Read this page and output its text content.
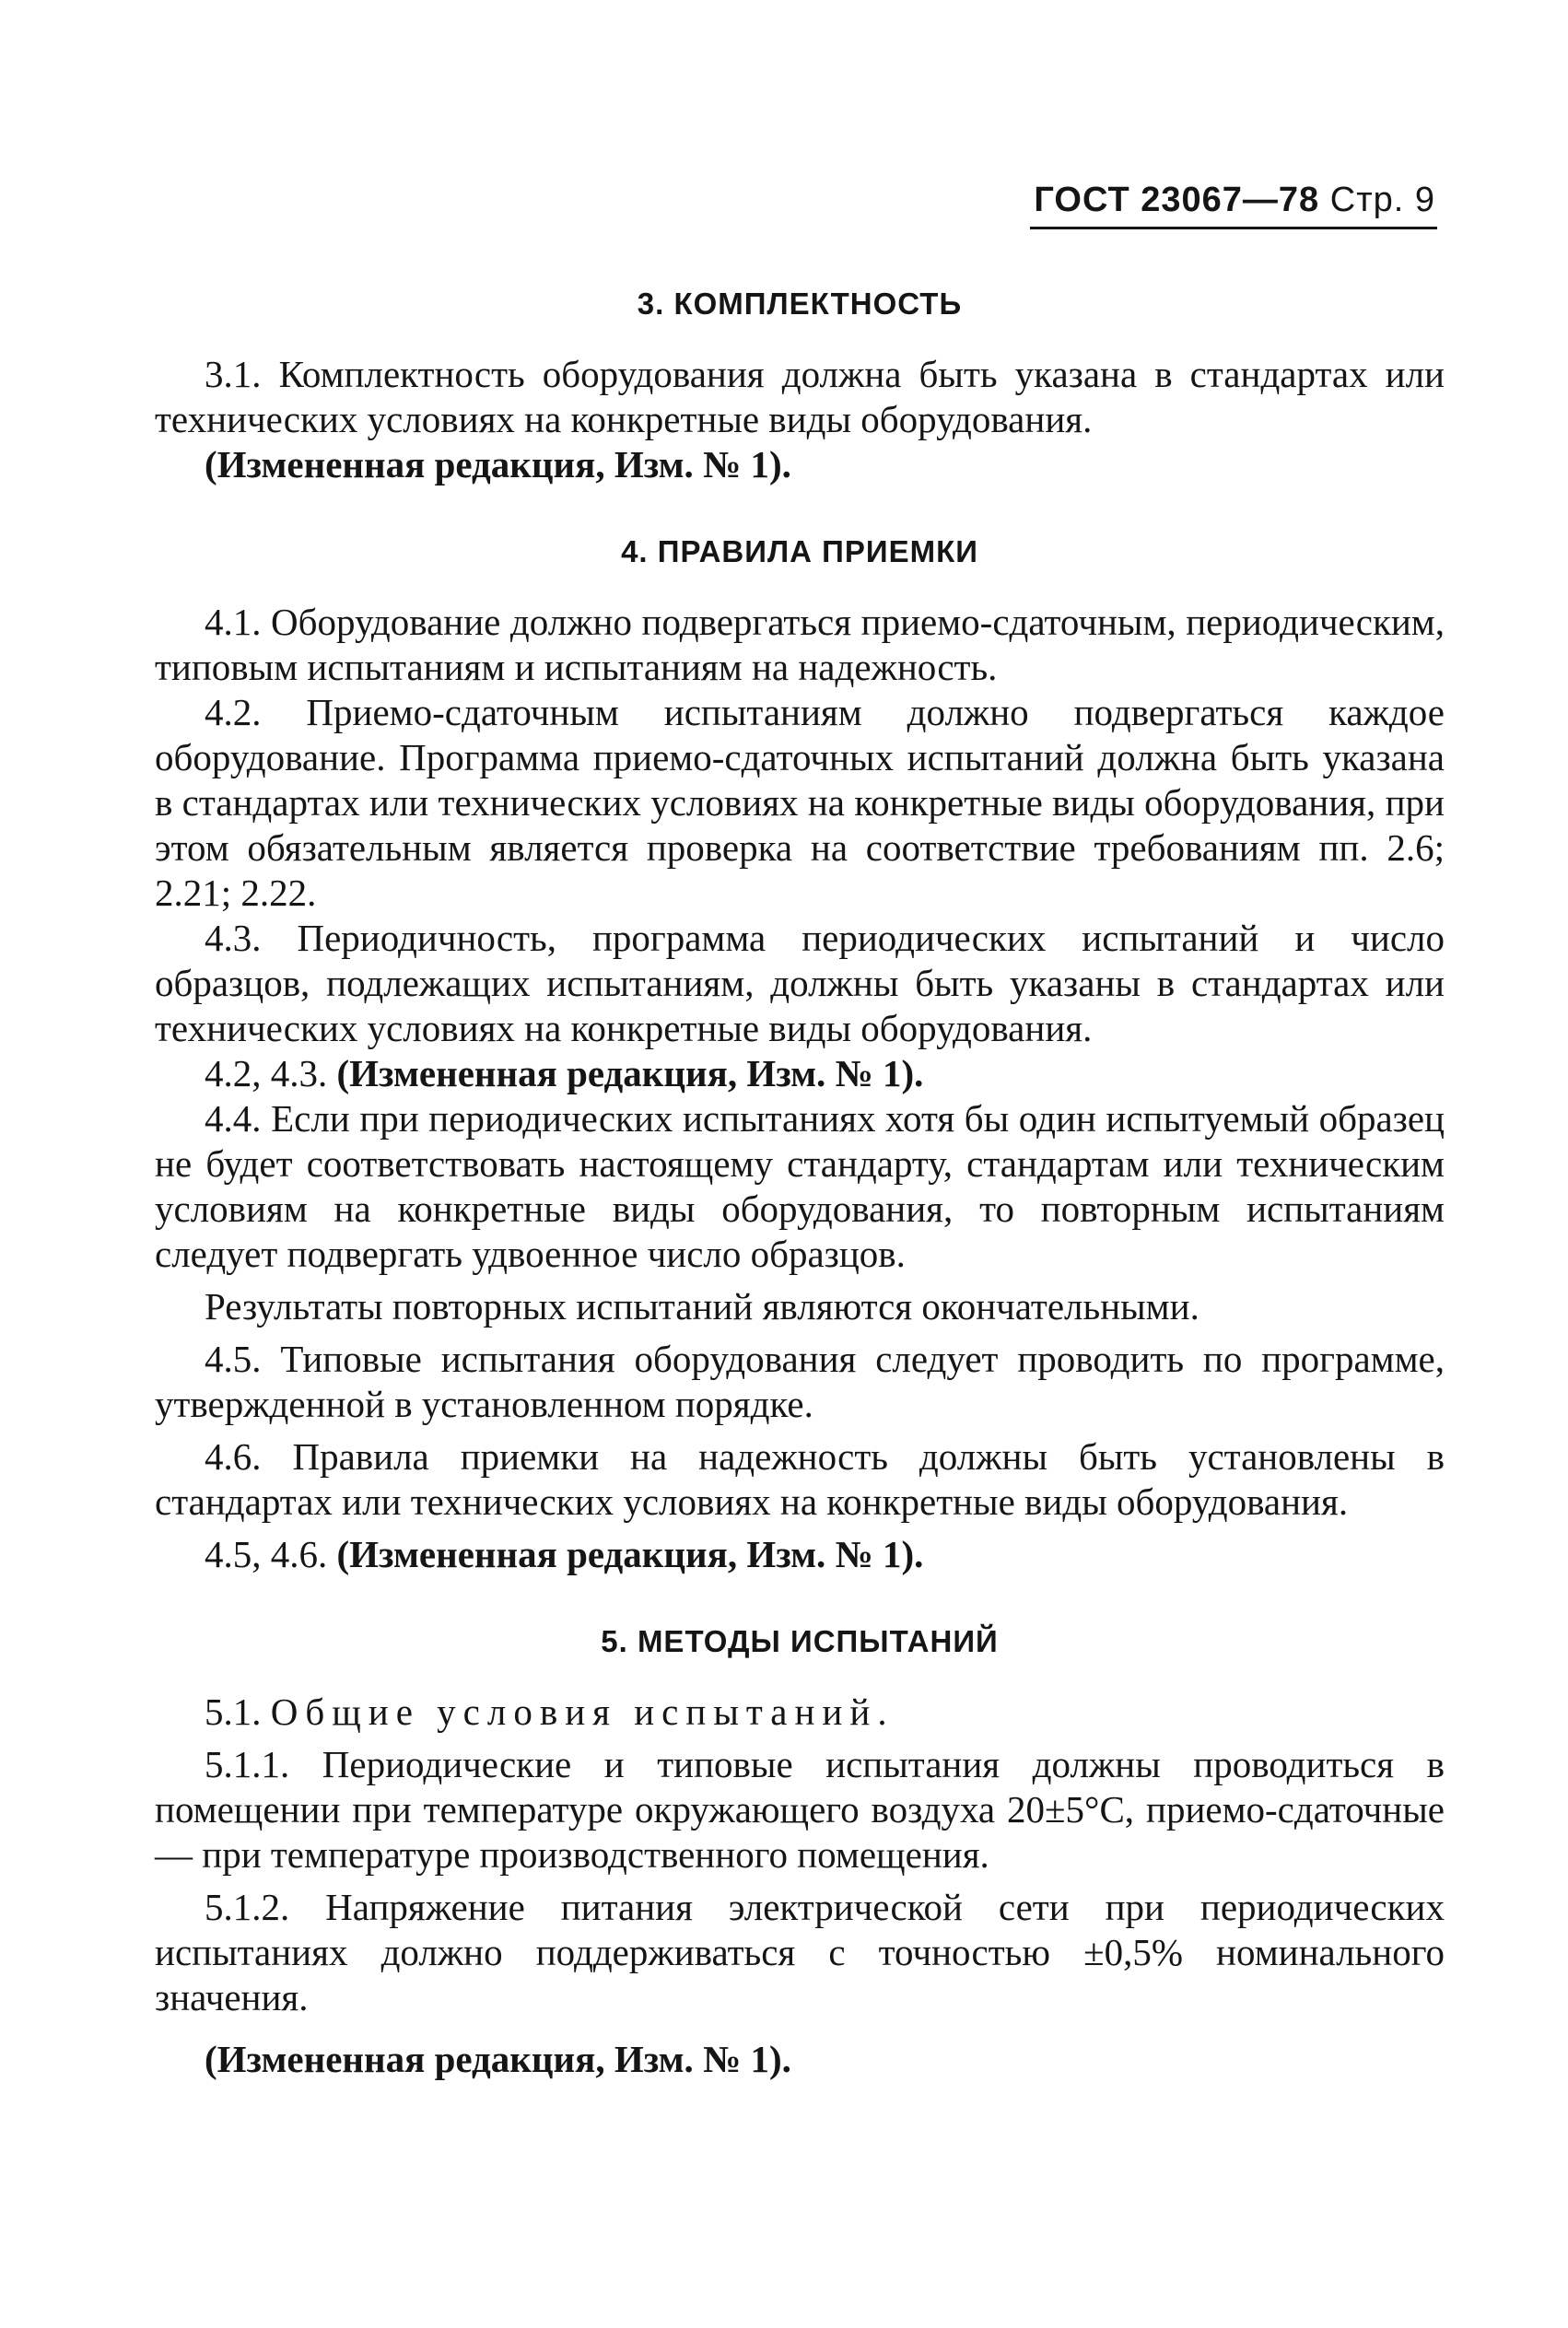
ГОСТ 23067—78 Стр. 9
3. КОМПЛЕКТНОСТЬ

3.1. Комплектность оборудования должна быть указана в стандартах или технических условиях на конкретные виды оборудования.

(Измененная редакция, Изм. № 1).

4. ПРАВИЛА ПРИЕМКИ

4.1. Оборудование должно подвергаться приемо-сдаточным, периодическим, типовым испытаниям и испытаниям на надежность.

4.2. Приемо-сдаточным испытаниям должно подвергаться каждое оборудование. Программа приемо-сдаточных испытаний должна быть указана в стандартах или технических условиях на конкретные виды оборудования, при этом обязательным является проверка на соответствие требованиям пп. 2.6; 2.21; 2.22.

4.3. Периодичность, программа периодических испытаний и число образцов, подлежащих испытаниям, должны быть указаны в стандартах или технических условиях на конкретные виды оборудования.

4.2, 4.3. (Измененная редакция, Изм. № 1).

4.4. Если при периодических испытаниях хотя бы один испытуемый образец не будет соответствовать настоящему стандарту, стандартам или техническим условиям на конкретные виды оборудования, то повторным испытаниям следует подвергать удвоенное число образцов.

Результаты повторных испытаний являются окончательными.

4.5. Типовые испытания оборудования следует проводить по программе, утвержденной в установленном порядке.

4.6. Правила приемки на надежность должны быть установлены в стандартах или технических условиях на конкретные виды оборудования.

4.5, 4.6. (Измененная редакция, Изм. № 1).

5. МЕТОДЫ ИСПЫТАНИЙ

5.1. Общие условия испытаний.

5.1.1. Периодические и типовые испытания должны проводиться в помещении при температуре окружающего воздуха 20±5°С, приемо-сдаточные — при температуре производственного помещения.

5.1.2. Напряжение питания электрической сети при периодических испытаниях должно поддерживаться с точностью ±0,5% номинального значения.

(Измененная редакция, Изм. № 1).
